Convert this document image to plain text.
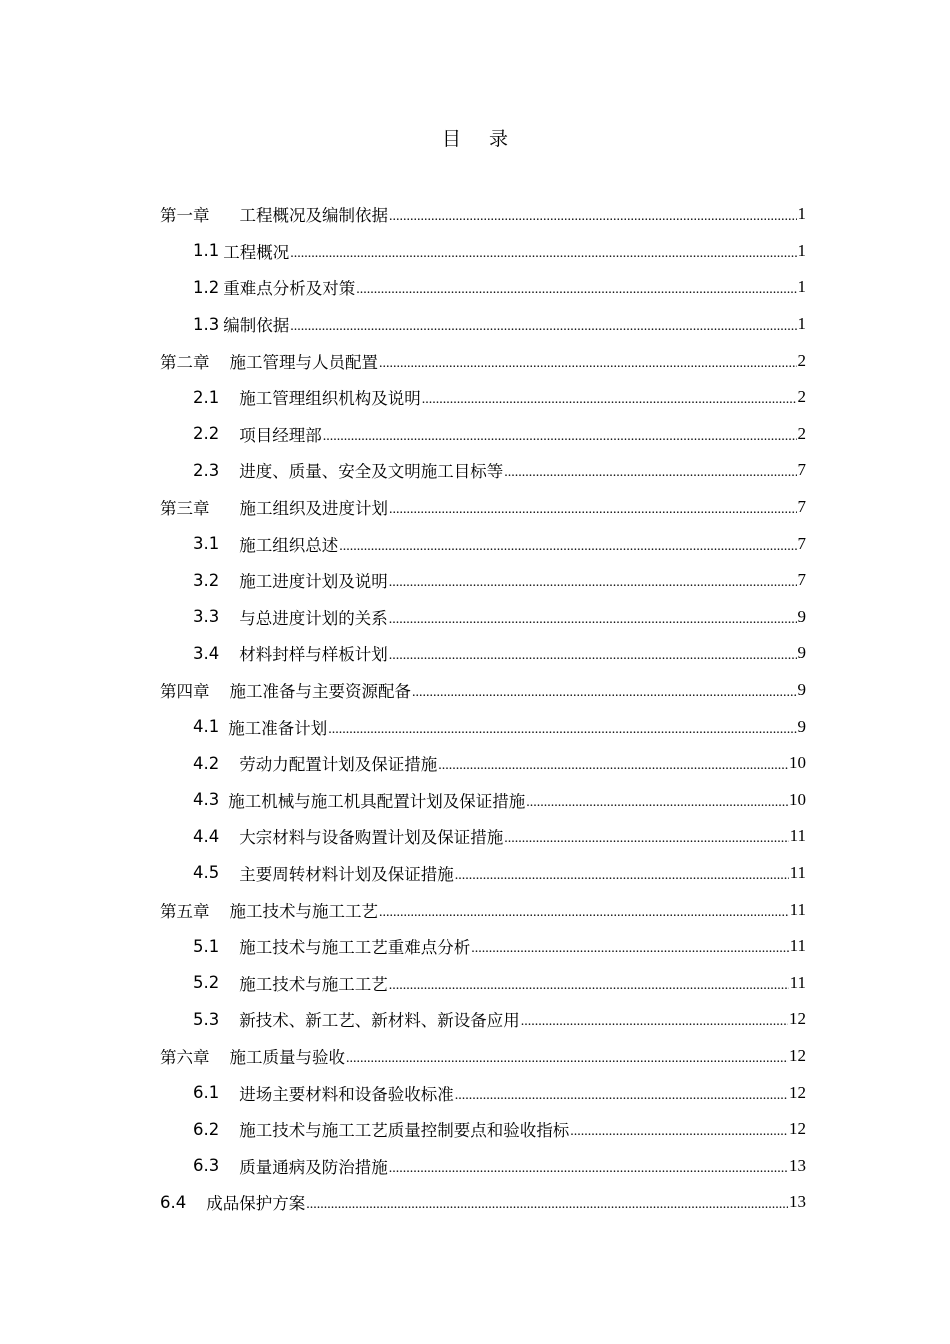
目 录
第一章 工程概况及编制依据 .....	1
1.1 工程概况 .....	1
1.2 重难点分析及对策 .....	1
1.3 编制依据 .....	1
第二章 施工管理与人员配置 .....	2
2.1 施工管理组织机构及说明 .....	2
2.2 项目经理部 .....	2
2.3 进度、质量、安全及文明施工目标等 .....	7
第三章 施工组织及进度计划 .....	7
3.1 施工组织总述 .....	7
3.2 施工进度计划及说明 .....	7
3.3 与总进度计划的关系 .....	9
3.4 材料封样与样板计划 .....	9
第四章 施工准备与主要资源配备 .....	9
4.1 施工准备计划 .....	9
4.2 劳动力配置计划及保证措施 .....	10
4.3 施工机械与施工机具配置计划及保证措施 .....	10
4.4 大宗材料与设备购置计划及保证措施 .....	11
4.5 主要周转材料计划及保证措施 .....	11
第五章 施工技术与施工工艺 .....	11
5.1 施工技术与施工工艺重难点分析 .....	11
5.2 施工技术与施工工艺 .....	11
5.3 新技术、新工艺、新材料、新设备应用 .....	12
第六章 施工质量与验收 .....	12
6.1 进场主要材料和设备验收标准 .....	12
6.2 施工技术与施工工艺质量控制要点和验收指标 .....	12
6.3 质量通病及防治措施 .....	13
6.4 成品保护方案 .....	13
